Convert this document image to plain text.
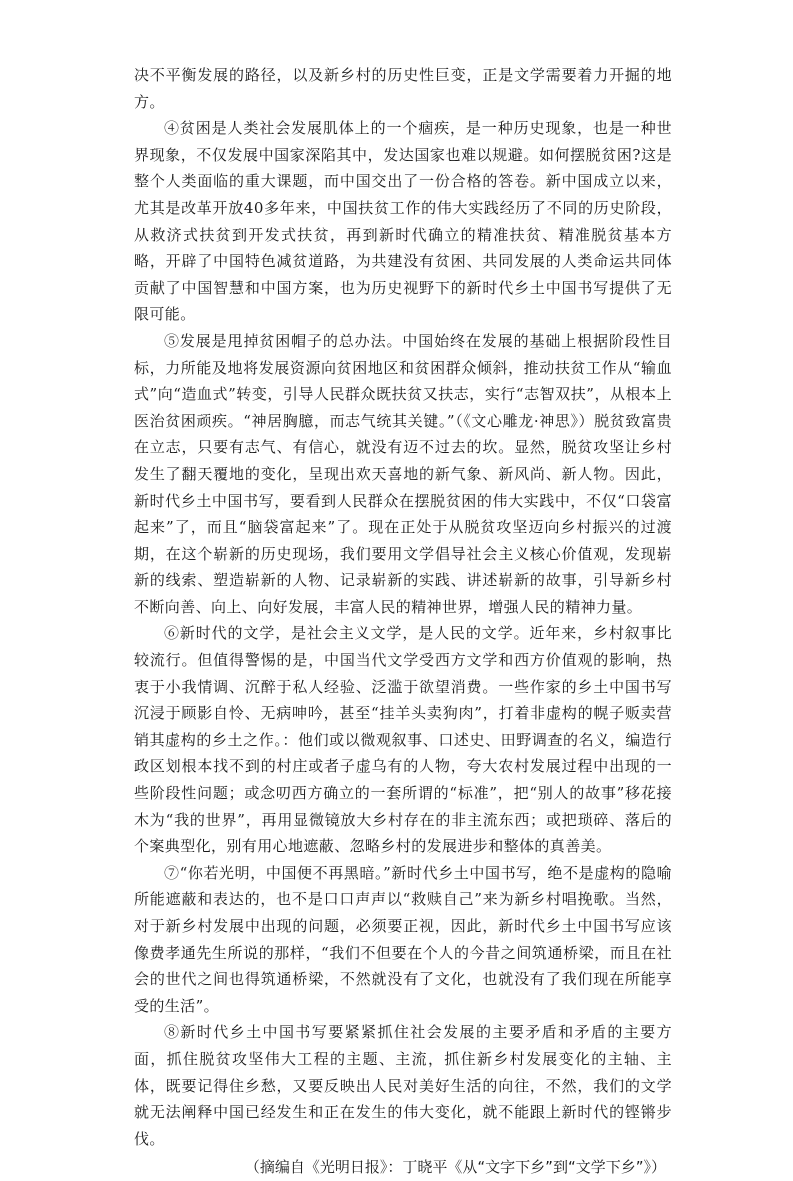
决不平衡发展的路径，以及新乡村的历史性巨变，正是文学需要着力开掘的地方。

④贫困是人类社会发展肌体上的一个痼疾，是一种历史现象，也是一种世界现象，不仅发展中国家深陷其中，发达国家也难以规避。如何摆脱贫困?这是整个人类面临的重大课题，而中国交出了一份合格的答卷。新中国成立以来，尤其是改革开放40多年来，中国扶贫工作的伟大实践经历了不同的历史阶段，从救济式扶贫到开发式扶贫，再到新时代确立的精准扶贫、精准脱贫基本方略，开辟了中国特色减贫道路，为共建没有贫困、共同发展的人类命运共同体贡献了中国智慧和中国方案，也为历史视野下的新时代乡土中国书写提供了无限可能。

⑤发展是甩掉贫困帽子的总办法。中国始终在发展的基础上根据阶段性目标，力所能及地将发展资源向贫困地区和贫困群众倾斜，推动扶贫工作从“输血式”向“造血式”转变，引导人民群众既扶贫又扶志，实行“志智双扶”，从根本上医治贫困顽疾。“神居胸臆，而志气统其关键。”（《文心雕龙·神思》）脱贫致富贵在立志，只要有志气、有信心，就没有迈不过去的坎。显然，脱贫攻坚让乡村发生了翻天覆地的变化，呈现出欢天喜地的新气象、新风尚、新人物。因此，新时代乡土中国书写，要看到人民群众在摆脱贫困的伟大实践中，不仅“口袋富起来”了，而且“脑袋富起来”了。现在正处于从脱贫攻坚迈向乡村振兴的过渡期，在这个崭新的历史现场，我们要用文学倡导社会主义核心价值观，发现崭新的线索、塑造崭新的人物、记录崭新的实践、讲述崭新的故事，引导新乡村不断向善、向上、向好发展，丰富人民的精神世界，增强人民的精神力量。

⑥新时代的文学，是社会主义文学，是人民的文学。近年来，乡村叙事比较流行。但值得警惕的是，中国当代文学受西方文学和西方价值观的影响，热衷于小我情调、沉醉于私人经验、泛滥于欲望消费。一些作家的乡土中国书写沉浸于顾影自怜、无病呻吟，甚至“挂羊头卖狗肉”，打着非虚构的幌子贩卖营销其虚构的乡土之作。：他们或以微观叙事、口述史、田野调查的名义，编造行政区划根本找不到的村庄或者子虚乌有的人物，夸大农村发展过程中出现的一些阶段性问题；或念叨西方确立的一套所谓的“标准”，把“别人的故事”移花接木为“我的世界”，再用显微镜放大乡村存在的非主流东西；或把琐碎、落后的个案典型化，别有用心地遮蔽、忽略乡村的发展进步和整体的真善美。

⑦“你若光明，中国便不再黑暗。”新时代乡土中国书写，绝不是虚构的隐喻所能遮蔽和表达的，也不是口口声声以“救赎自己”来为新乡村唱挽歌。当然，对于新乡村发展中出现的问题，必须要正视，因此，新时代乡土中国书写应该像费孝通先生所说的那样，“我们不但要在个人的今昔之间筑通桥梁，而且在社会的世代之间也得筑通桥梁，不然就没有了文化，也就没有了我们现在所能享受的生活”。

⑧新时代乡土中国书写要紧紧抓住社会发展的主要矛盾和矛盾的主要方面，抓住脱贫攻坚伟大工程的主题、主流，抓住新乡村发展变化的主轴、主体，既要记得住乡愁，又要反映出人民对美好生活的向往，不然，我们的文学就无法阐释中国已经发生和正在发生的伟大变化，就不能跟上新时代的铿锵步伐。

（摘编自《光明日报》：丁晓平《从“文字下乡”到“文学下乡”》）
